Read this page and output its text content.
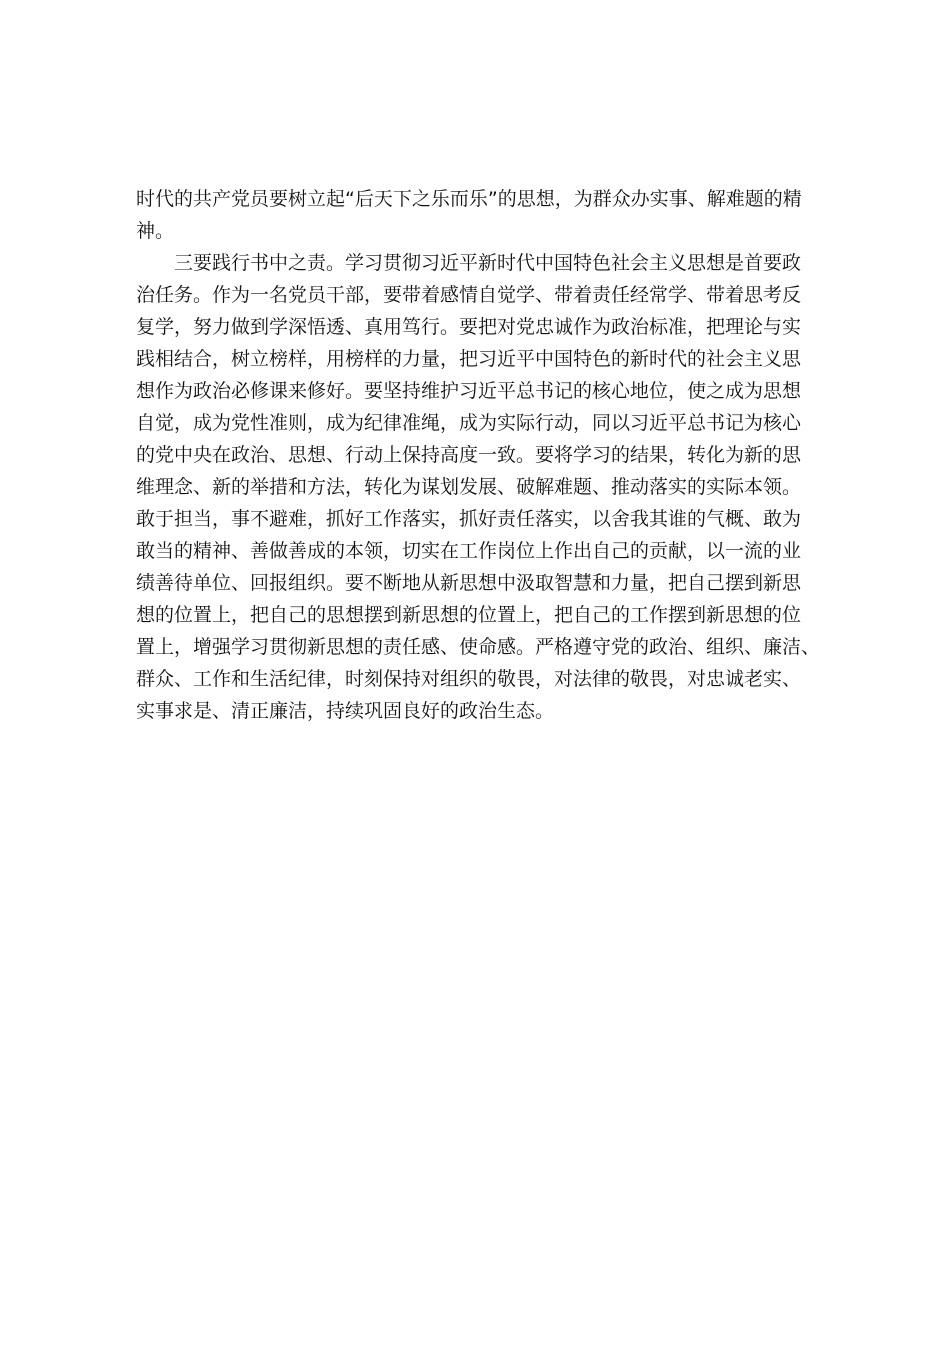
时代的共产党员要树立起“后天下之乐而乐”的思想，为群众办实事、解难题的精

神。

三要践行书中之责。学习贯彻习近平新时代中国特色社会主义思想是首要政

治任务。作为一名党员干部，要带着感情自觉学、带着责任经常学、带着思考反

复学，努力做到学深悟透、真用笃行。要把对党忠诚作为政治标准，把理论与实

践相结合，树立榜样，用榜样的力量，把习近平中国特色的新时代的社会主义思

想作为政治必修课来修好。要坚持维护习近平总书记的核心地位，使之成为思想

自觉，成为党性准则，成为纪律准绳，成为实际行动，同以习近平总书记为核心

的党中央在政治、思想、行动上保持高度一致。要将学习的结果，转化为新的思

维理念、新的举措和方法，转化为谋划发展、破解难题、推动落实的实际本领。

敢于担当，事不避难，抓好工作落实，抓好责任落实，以舍我其谁的气概、敢为

敢当的精神、善做善成的本领，切实在工作岗位上作出自己的贡献，以一流的业

绩善待单位、回报组织。要不断地从新思想中汲取智慧和力量，把自己摆到新思

想的位置上，把自己的思想摆到新思想的位置上，把自己的工作摆到新思想的位

置上，增强学习贯彻新思想的责任感、使命感。严格遵守党的政治、组织、廉洁、

群众、工作和生活纪律，时刻保持对组织的敬畏，对法律的敬畏，对忠诚老实、

实事求是、清正廉洁，持续巩固良好的政治生态。
